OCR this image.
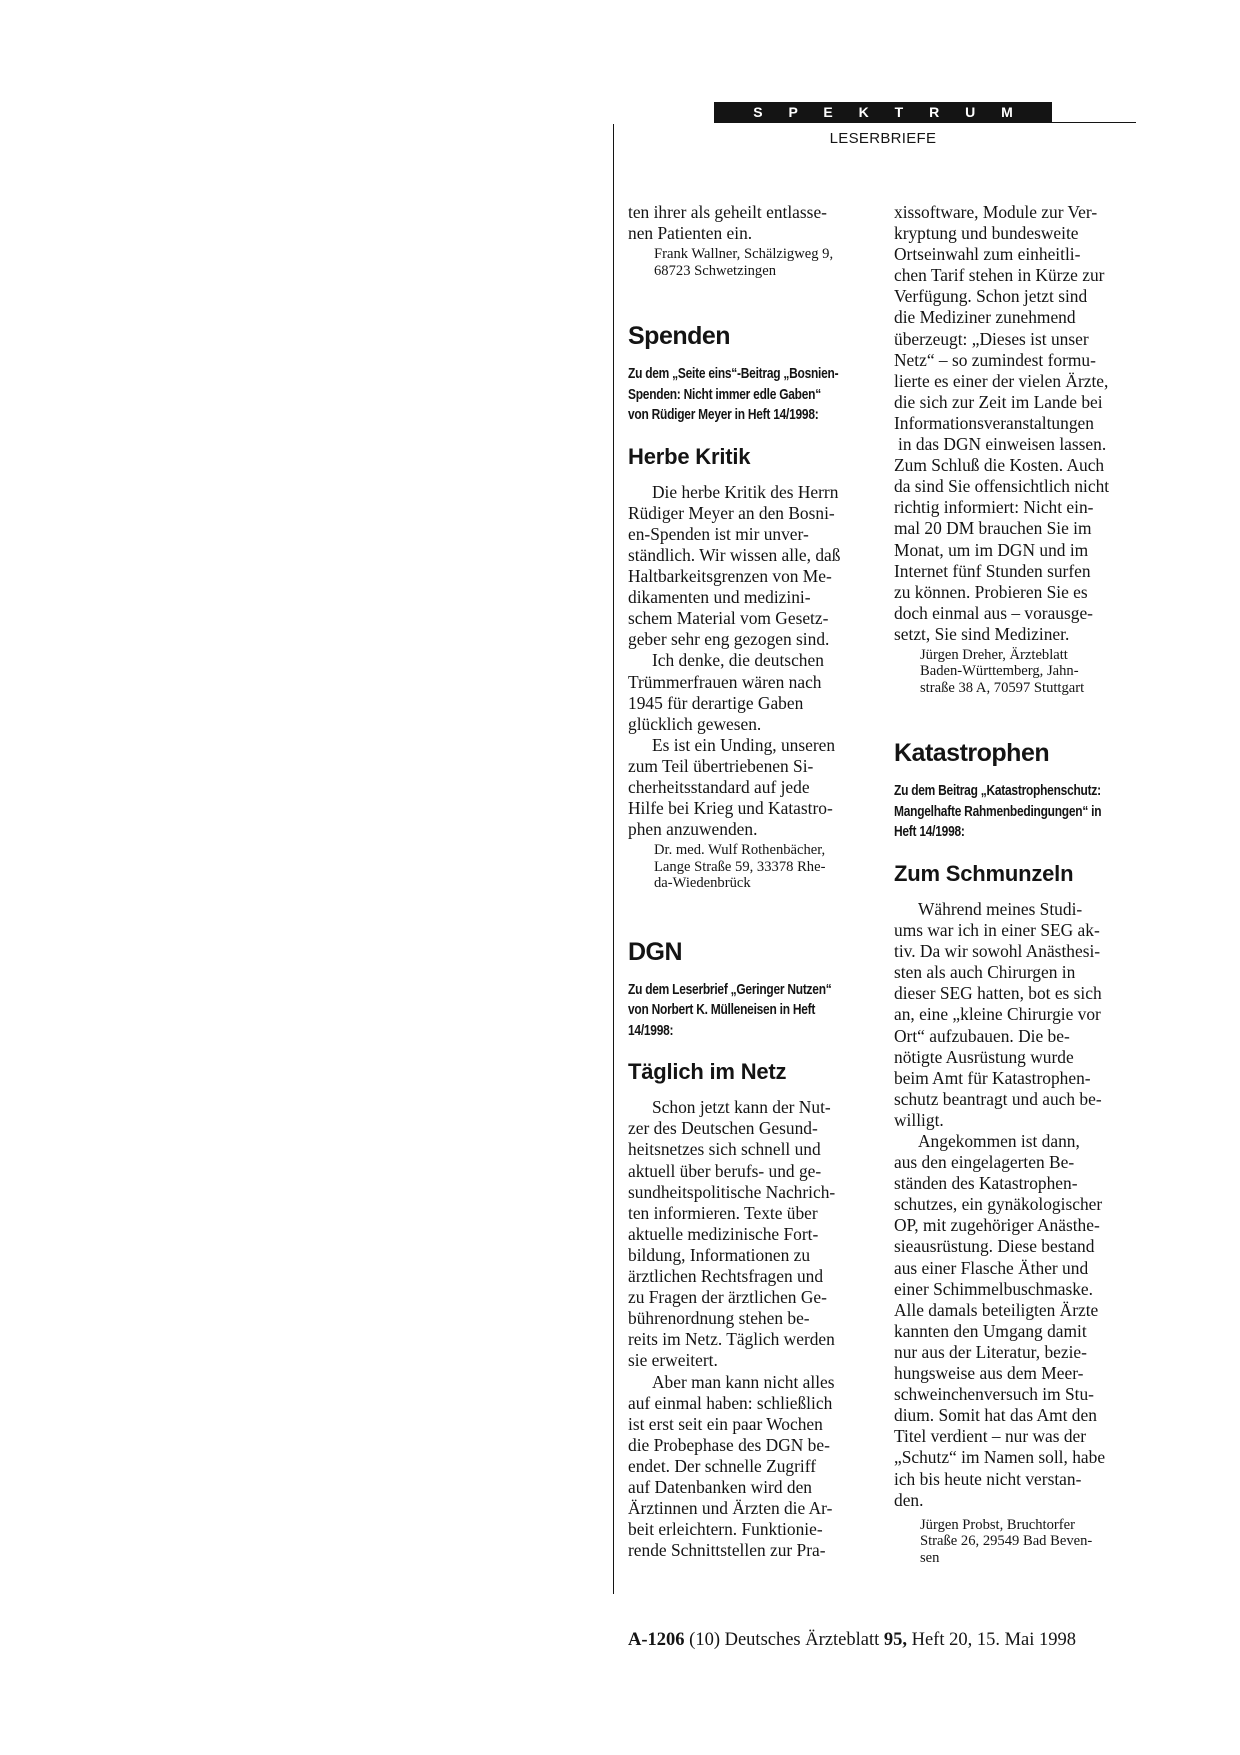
S P E K T R U M
LESERBRIEFE
ten ihrer als geheilt entlasse-
nen Patienten ein.
Frank Wallner, Schälzigweg 9,
68723 Schwetzingen
Spenden
Zu dem „Seite eins“-Beitrag „Bosnien-
Spenden: Nicht immer edle Gaben“
von Rüdiger Meyer in Heft 14/1998:
Herbe Kritik
Die herbe Kritik des Herrn
Rüdiger Meyer an den Bosni-
en-Spenden ist mir unver-
ständlich. Wir wissen alle, daß
Haltbarkeitsgrenzen von Me-
dikamenten und medizini-
schem Material vom Gesetz-
geber sehr eng gezogen sind.
Ich denke, die deutschen
Trümmerfrauen wären nach
1945 für derartige Gaben
glücklich gewesen.
Es ist ein Unding, unseren
zum Teil übertriebenen Si-
cherheitsstandard auf jede
Hilfe bei Krieg und Katastro-
phen anzuwenden.
Dr. med. Wulf Rothenbächer,
Lange Straße 59, 33378 Rhe-
da-Wiedenbrück
DGN
Zu dem Leserbrief „Geringer Nutzen“
von Norbert K. Mülleneisen in Heft
14/1998:
Täglich im Netz
Schon jetzt kann der Nut-
zer des Deutschen Gesund-
heitsnetzes sich schnell und
aktuell über berufs- und ge-
sundheitspolitische Nachrich-
ten informieren. Texte über
aktuelle medizinische Fort-
bildung, Informationen zu
ärztlichen Rechtsfragen und
zu Fragen der ärztlichen Ge-
bührenordnung stehen be-
reits im Netz. Täglich werden
sie erweitert.
Aber man kann nicht alles
auf einmal haben: schließlich
ist erst seit ein paar Wochen
die Probephase des DGN be-
endet. Der schnelle Zugriff
auf Datenbanken wird den
Ärztinnen und Ärzten die Ar-
beit erleichtern. Funktionie-
rende Schnittstellen zur Pra-
xissoftware, Module zur Ver-
kryptung und bundesweite
Ortseinwahl zum einheitli-
chen Tarif stehen in Kürze zur
Verfügung. Schon jetzt sind
die Mediziner zunehmend
überzeugt: „Dieses ist unser
Netz“ – so zumindest formu-
lierte es einer der vielen Ärzte,
die sich zur Zeit im Lande bei
Informationsveranstaltungen
in das DGN einweisen lassen.
Zum Schluß die Kosten. Auch
da sind Sie offensichtlich nicht
richtig informiert: Nicht ein-
mal 20 DM brauchen Sie im
Monat, um im DGN und im
Internet fünf Stunden surfen
zu können. Probieren Sie es
doch einmal aus – vorausge-
setzt, Sie sind Mediziner.
Jürgen Dreher, Ärzteblatt
Baden-Württemberg, Jahn-
straße 38 A, 70597 Stuttgart
Katastrophen
Zu dem Beitrag „Katastrophenschutz:
Mangelhafte Rahmenbedingungen“ in
Heft 14/1998:
Zum Schmunzeln
Während meines Studi-
ums war ich in einer SEG ak-
tiv. Da wir sowohl Anästhesi-
sten als auch Chirurgen in
dieser SEG hatten, bot es sich
an, eine „kleine Chirurgie vor
Ort“ aufzubauen. Die be-
nötigte Ausrüstung wurde
beim Amt für Katastrophen-
schutz beantragt und auch be-
willigt.
Angekommen ist dann,
aus den eingelagerten Be-
ständen des Katastrophen-
schutzes, ein gynäkologischer
OP, mit zugehöriger Anästhe-
sieausrüstung. Diese bestand
aus einer Flasche Äther und
einer Schimmelbuschmaske.
Alle damals beteiligten Ärzte
kannten den Umgang damit
nur aus der Literatur, bezie-
hungsweise aus dem Meer-
schweinchenversuch im Stu-
dium. Somit hat das Amt den
Titel verdient – nur was der
„Schutz“ im Namen soll, habe
ich bis heute nicht verstan-
den.
Jürgen Probst, Bruchtorfer
Straße 26, 29549 Bad Beven-
sen
A-1206 (10) Deutsches Ärzteblatt 95, Heft 20, 15. Mai 1998
